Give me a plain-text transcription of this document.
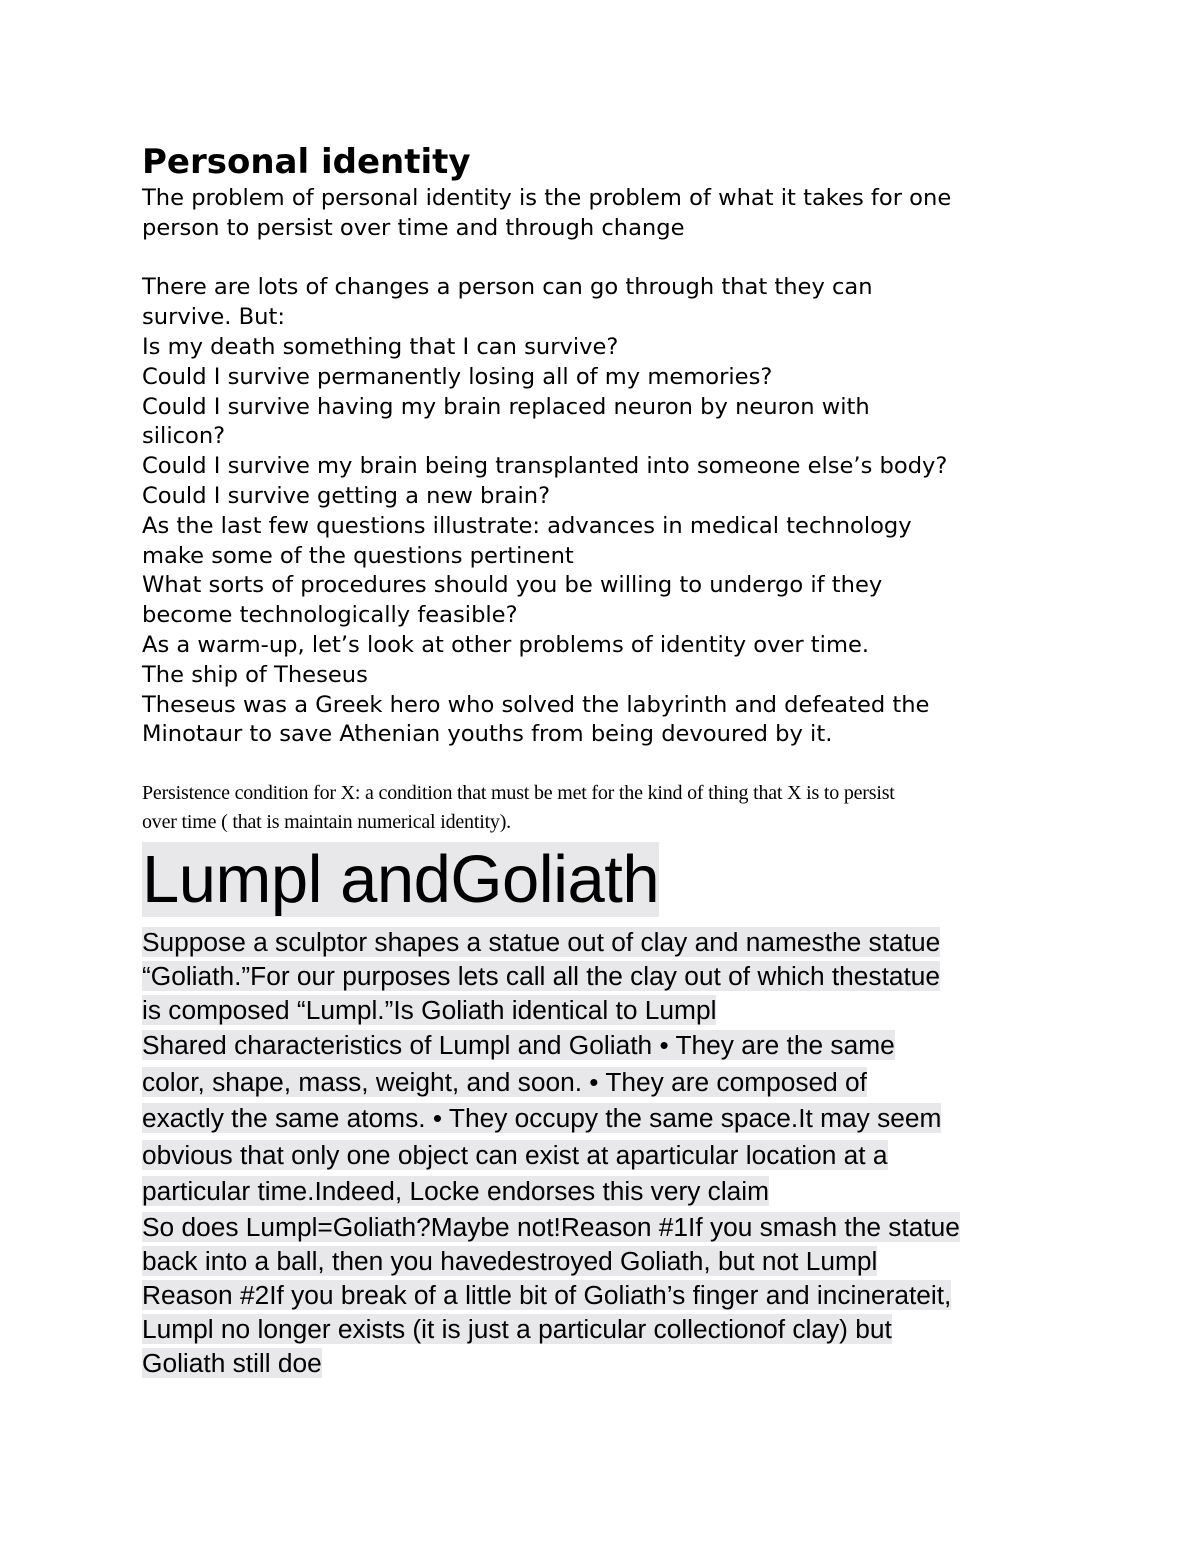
Personal identity
The problem of personal identity is the problem of what it takes for one
person to persist over time and through change
There are lots of changes a person can go through that they can
survive. But:
Is my death something that I can survive?
Could I survive permanently losing all of my memories?
Could I survive having my brain replaced neuron by neuron with
silicon?
Could I survive my brain being transplanted into someone else’s body?
Could I survive getting a new brain?
As the last few questions illustrate: advances in medical technology
make some of the questions pertinent
What sorts of procedures should you be willing to undergo if they
become technologically feasible?
As a warm-up, let’s look at other problems of identity over time.
The ship of Theseus
Theseus was a Greek hero who solved the labyrinth and defeated the
Minotaur to save Athenian youths from being devoured by it.
Persistence condition for X: a condition that must be met for the kind of thing that X is to persist
over time ( that is maintain numerical identity).
Lumpl andGoliath
Suppose a sculptor shapes a statue out of clay and namesthe statue
“Goliath.”For our purposes lets call all the clay out of which thestatue
is composed “Lumpl.”Is Goliath identical to Lumpl
Shared characteristics of Lumpl and Goliath • They are the same
color, shape, mass, weight, and soon. • They are composed of
exactly the same atoms. • They occupy the same space.It may seem
obvious that only one object can exist at aparticular location at a
particular time.Indeed, Locke endorses this very claim
So does Lumpl=Goliath?Maybe not!Reason #1If you smash the statue
back into a ball, then you havedestroyed Goliath, but not Lumpl
Reason #2If you break of a little bit of Goliath’s finger and incinerateit,
Lumpl no longer exists (it is just a particular collectionof clay) but
Goliath still doe
